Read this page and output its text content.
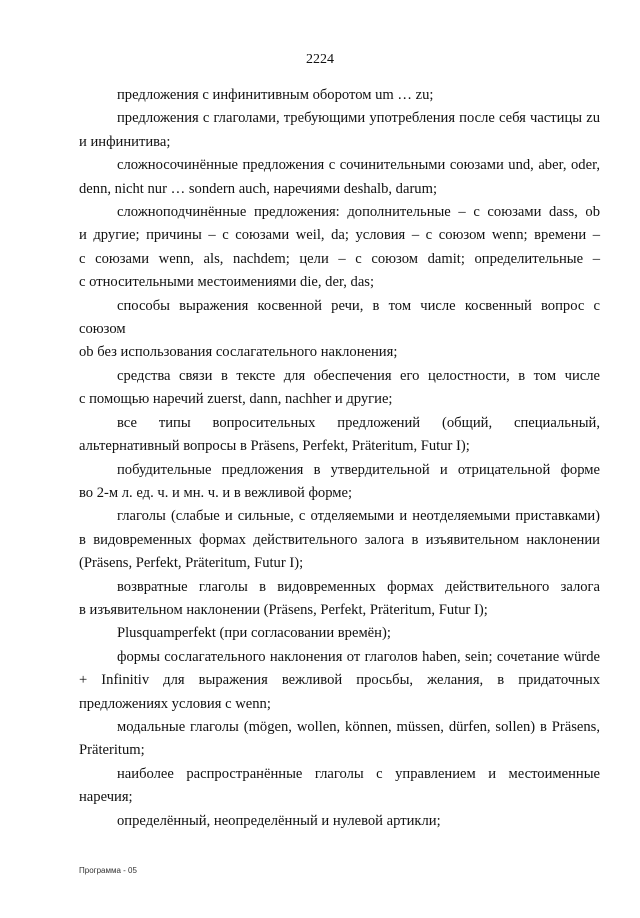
2224
предложения с инфинитивным оборотом um … zu;
предложения с глаголами, требующими употребления после себя частицы zu
и инфинитива;
сложносочинённые предложения с сочинительными союзами und, aber, oder,
denn, nicht nur … sondern auch, наречиями deshalb, darum;
сложноподчинённые предложения: дополнительные – с союзами dass, ob
и другие; причины – с союзами weil, da; условия – с союзом wenn; времени –
с союзами wenn, als, nachdem; цели – с союзом damit; определительные –
с относительными местоимениями die, der, das;
способы выражения косвенной речи, в том числе косвенный вопрос с союзом
ob без использования сослагательного наклонения;
средства связи в тексте для обеспечения его целостности, в том числе
с помощью наречий zuerst, dann, nachher и другие;
все типы вопросительных предложений (общий, специальный,
альтернативный вопросы в Präsens, Perfekt, Präteritum, Futur I);
побудительные предложения в утвердительной и отрицательной форме
во 2-м л. ед. ч. и мн. ч. и в вежливой форме;
глаголы (слабые и сильные, с отделяемыми и неотделяемыми приставками)
в видовременных формах действительного залога в изъявительном наклонении
(Präsens, Perfekt, Präteritum, Futur I);
возвратные глаголы в видовременных формах действительного залога
в изъявительном наклонении (Präsens, Perfekt, Präteritum, Futur I);
Plusquamperfekt (при согласовании времён);
формы сослагательного наклонения от глаголов haben, sein; сочетание würde
+ Infinitiv для выражения вежливой просьбы, желания, в придаточных
предложениях условия с wenn;
модальные глаголы (mögen, wollen, können, müssen, dürfen, sollen) в Präsens,
Präteritum;
наиболее распространённые глаголы с управлением и местоименные наречия;
определённый, неопределённый и нулевой артикли;
Программа - 05
